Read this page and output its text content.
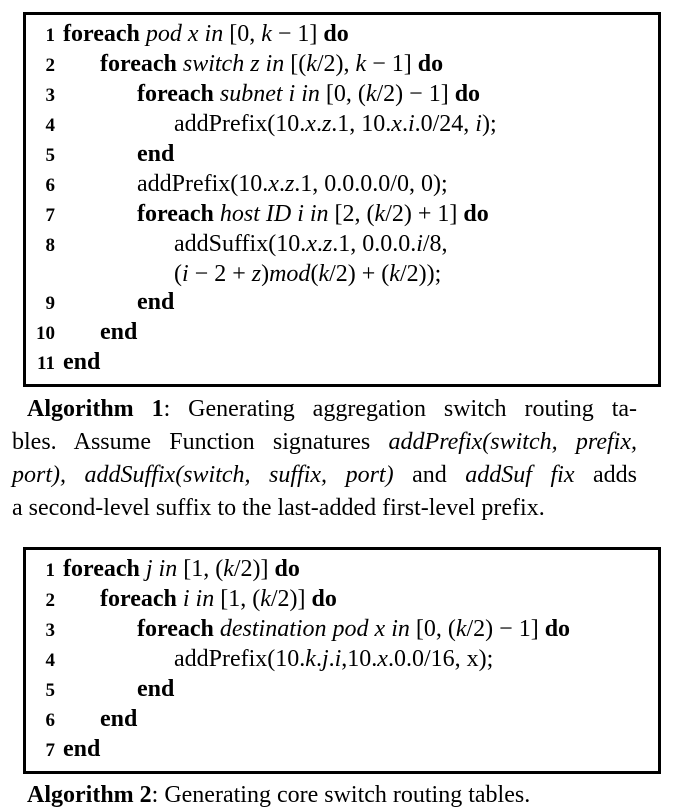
1 foreach pod x in [0, k − 1] do
2 foreach switch z in [(k/2), k − 1] do
3	foreach subnet i in [0, (k/2) − 1] do
4	addPrefix(10.x.z.1, 10.x.i.0/24, i);
5	end
6	addPrefix(10.x.z.1, 0.0.0.0/0, 0);
7	foreach host ID i in [2, (k/2) + 1] do
8	addSuffix(10.x.z.1, 0.0.0.i/8,
(i − 2 + z)mod(k/2) + (k/2));
9	end
10 end
11 end
Algorithm 1: Generating aggregation switch routing ta-
bles. Assume Function signatures addPrefix(switch, prefix,
port), addSuffix(switch, suffix, port) and addSuf fix adds
a second-level suffix to the last-added first-level prefix.
1 foreach j in [1, (k/2)] do
2 foreach i in [1, (k/2)] do
3	foreach destination pod x in [0, (k/2) − 1] do
4	addPrefix(10.k.j.i,10.x.0.0/16, x);
5	end
6 end
7 end
Algorithm 2: Generating core switch routing tables.
